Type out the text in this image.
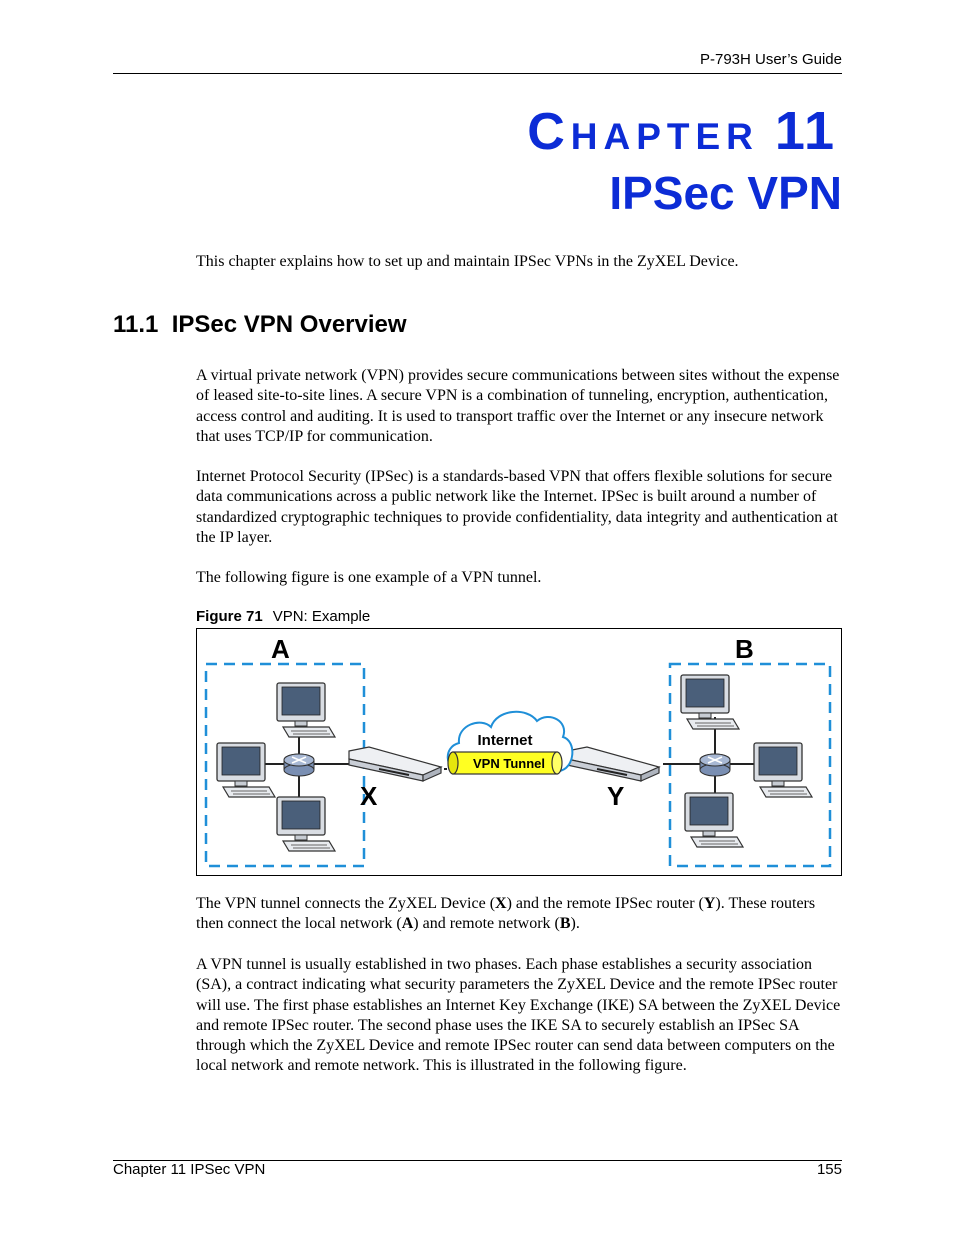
P-793H User’s Guide
CHAPTER 11
IPSec VPN

This chapter explains how to set up and maintain IPSec VPNs in the ZyXEL Device.

11.1 IPSec VPN Overview

A virtual private network (VPN) provides secure communications between sites without the expense of leased site-to-site lines. A secure VPN is a combination of tunneling, encryption, authentication, access control and auditing. It is used to transport traffic over the Internet or any insecure network that uses TCP/IP for communication.

Internet Protocol Security (IPSec) is a standards-based VPN that offers flexible solutions for secure data communications across a public network like the Internet. IPSec is built around a number of standardized cryptographic techniques to provide confidentiality, data integrity and authentication at the IP layer.

The following figure is one example of a VPN tunnel.

Figure 71 VPN: Example
Internet
VPN Tunnel
A	B
X	Y

The VPN tunnel connects the ZyXEL Device (X) and the remote IPSec router (Y). These routers then connect the local network (A) and remote network (B).

A VPN tunnel is usually established in two phases. Each phase establishes a security association (SA), a contract indicating what security parameters the ZyXEL Device and the remote IPSec router will use. The first phase establishes an Internet Key Exchange (IKE) SA between the ZyXEL Device and remote IPSec router. The second phase uses the IKE SA to securely establish an IPSec SA through which the ZyXEL Device and remote IPSec router can send data between computers on the local network and remote network. This is illustrated in the following figure.

Chapter 11 IPSec VPN	155
